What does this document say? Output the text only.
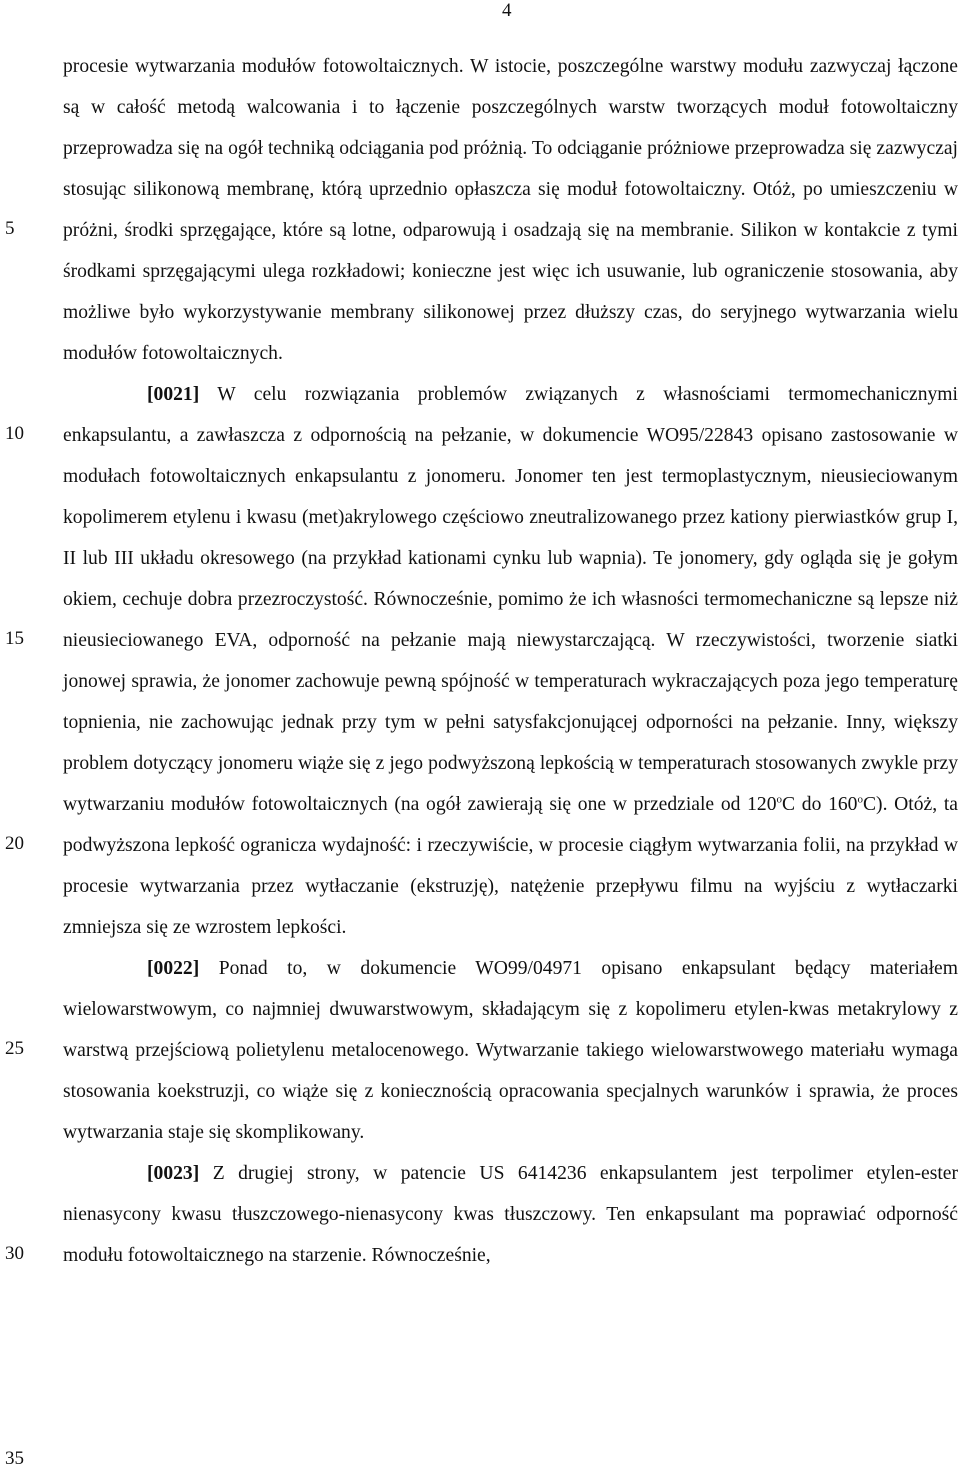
4
5
10
15
20
25
30
35

procesie wytwarzania modułów fotowoltaicznych. W istocie, poszczególne warstwy modułu zazwyczaj łączone są w całość metodą walcowania i to łączenie poszczególnych warstw tworzących moduł fotowoltaiczny przeprowadza się na ogół techniką odciągania pod próżnią. To odciąganie próżniowe przeprowadza się zazwyczaj stosując silikonową membranę, którą uprzednio opłaszcza się moduł fotowoltaiczny. Otóż, po umieszczeniu w próżni, środki sprzęgające, które są lotne, odparowują i osadzają się na membranie. Silikon w kontakcie z tymi środkami sprzęgającymi ulega rozkładowi; konieczne jest więc ich usuwanie, lub ograniczenie stosowania, aby możliwe było wykorzystywanie membrany silikonowej przez dłuższy czas, do seryjnego wytwarzania wielu modułów fotowoltaicznych.

[0021] W celu rozwiązania problemów związanych z własnościami termomechanicznymi enkapsulantu, a zawłaszcza z odpornością na pełzanie, w dokumencie WO95/22843 opisano zastosowanie w modułach fotowoltaicznych enkapsulantu z jonomeru. Jonomer ten jest termoplastycznym, nieusieciowanym kopolimerem etylenu i kwasu (met)akrylowego częściowo zneutralizowanego przez kationy pierwiastków grup I, II lub III układu okresowego (na przykład kationami cynku lub wapnia). Te jonomery, gdy ogląda się je gołym okiem, cechuje dobra przezroczystość. Równocześnie, pomimo że ich własności termomechaniczne są lepsze niż nieusieciowanego EVA, odporność na pełzanie mają niewystarczającą. W rzeczywistości, tworzenie siatki jonowej sprawia, że jonomer zachowuje pewną spójność w temperaturach wykraczających poza jego temperaturę topnienia, nie zachowując jednak przy tym w pełni satysfakcjonującej odporności na pełzanie. Inny, większy problem dotyczący jonomeru wiąże się z jego podwyższoną lepkością w temperaturach stosowanych zwykle przy wytwarzaniu modułów fotowoltaicznych (na ogół zawierają się one w przedziale od 120$^o$C do 160$^o$C). Otóż, ta podwyższona lepkość ogranicza wydajność: i rzeczywiście, w procesie ciągłym wytwarzania folii, na przykład w procesie wytwarzania przez wytłaczanie (ekstruzję), natężenie przepływu filmu na wyjściu z wytłaczarki zmniejsza się ze wzrostem lepkości.

[0022] Ponad to, w dokumencie WO99/04971 opisano enkapsulant będący materiałem wielowarstwowym, co najmniej dwuwarstwowym, składającym się z kopolimeru etylen-kwas metakrylowy z warstwą przejściową polietylenu metalocenowego. Wytwarzanie takiego wielowarstwowego materiału wymaga stosowania koekstruzji, co wiąże się z koniecznością opracowania specjalnych warunków i sprawia, że proces wytwarzania staje się skomplikowany.

[0023] Z drugiej strony, w patencie US 6414236 enkapsulantem jest terpolimer etylen-ester nienasycony kwasu tłuszczowego-nienasycony kwas tłuszczowy. Ten enkapsulant ma poprawiać odporność modułu fotowoltaicznego na starzenie. Równocześnie,
